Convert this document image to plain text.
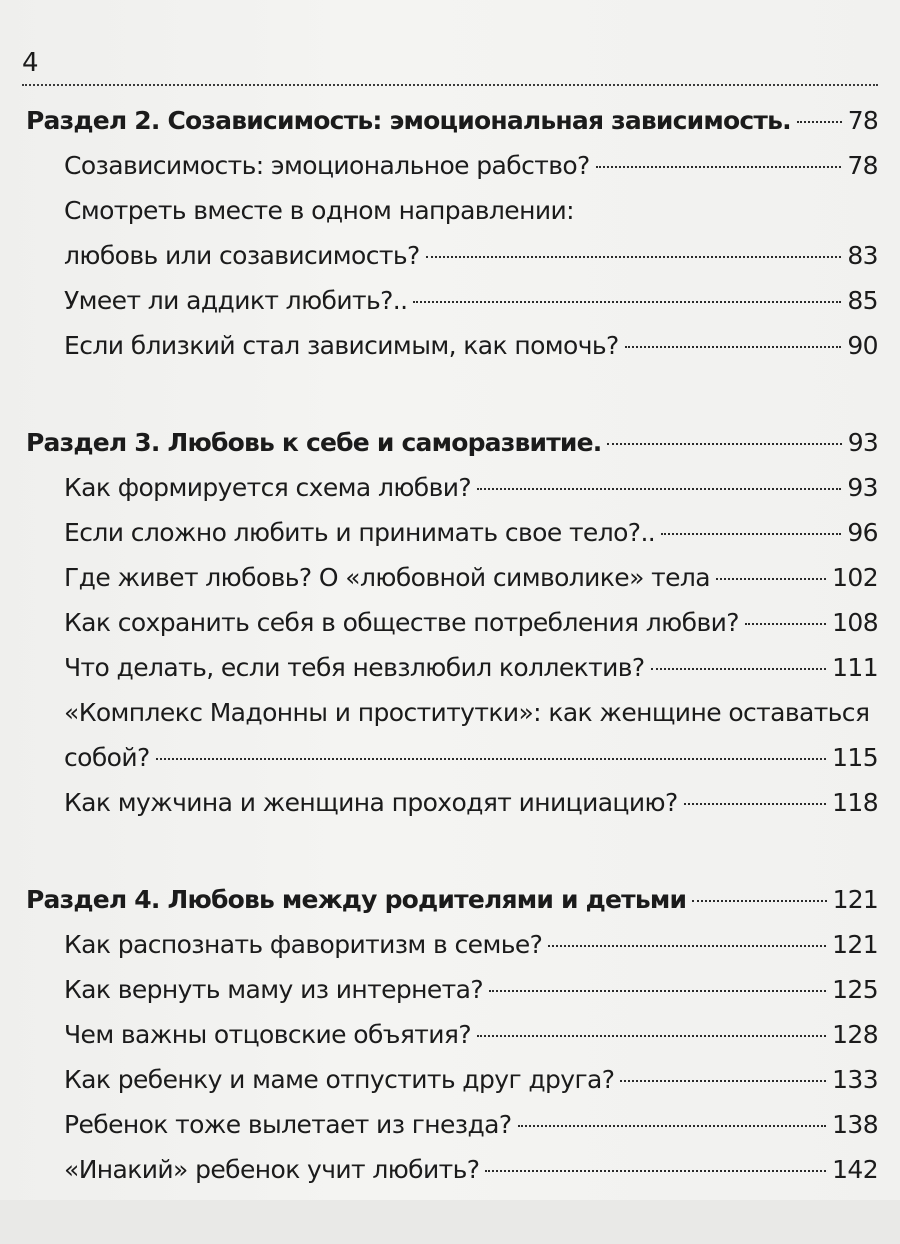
4
Раздел 2. Созависимость: эмоциональная зависимость. 78
Созависимость: эмоциональное рабство?	78
Смотреть вместе в одном направлении:
любовь или созависимость?	83
Умеет ли аддикт любить?..	85
Если близкий стал зависимым, как помочь?	90
Раздел 3. Любовь к себе и саморазвитие.	93
Как формируется схема любви?	93
Если сложно любить и принимать свое тело?..	96
Где живет любовь? О «любовной символике» тела	102
Как сохранить себя в обществе потребления любви?	108
Что делать, если тебя невзлюбил коллектив?	111
«Комплекс Мадонны и проститутки»: как женщине оставаться
собой?	115
Как мужчина и женщина проходят инициацию?	118
Раздел 4. Любовь между родителями и детьми	121
Как распознать фаворитизм в семье?	121
Как вернуть маму из интернета?	125
Чем важны отцовские объятия?	128
Как ребенку и маме отпустить друг друга?	133
Ребенок тоже вылетает из гнезда?	138
«Инакий» ребенок учит любить?	142
